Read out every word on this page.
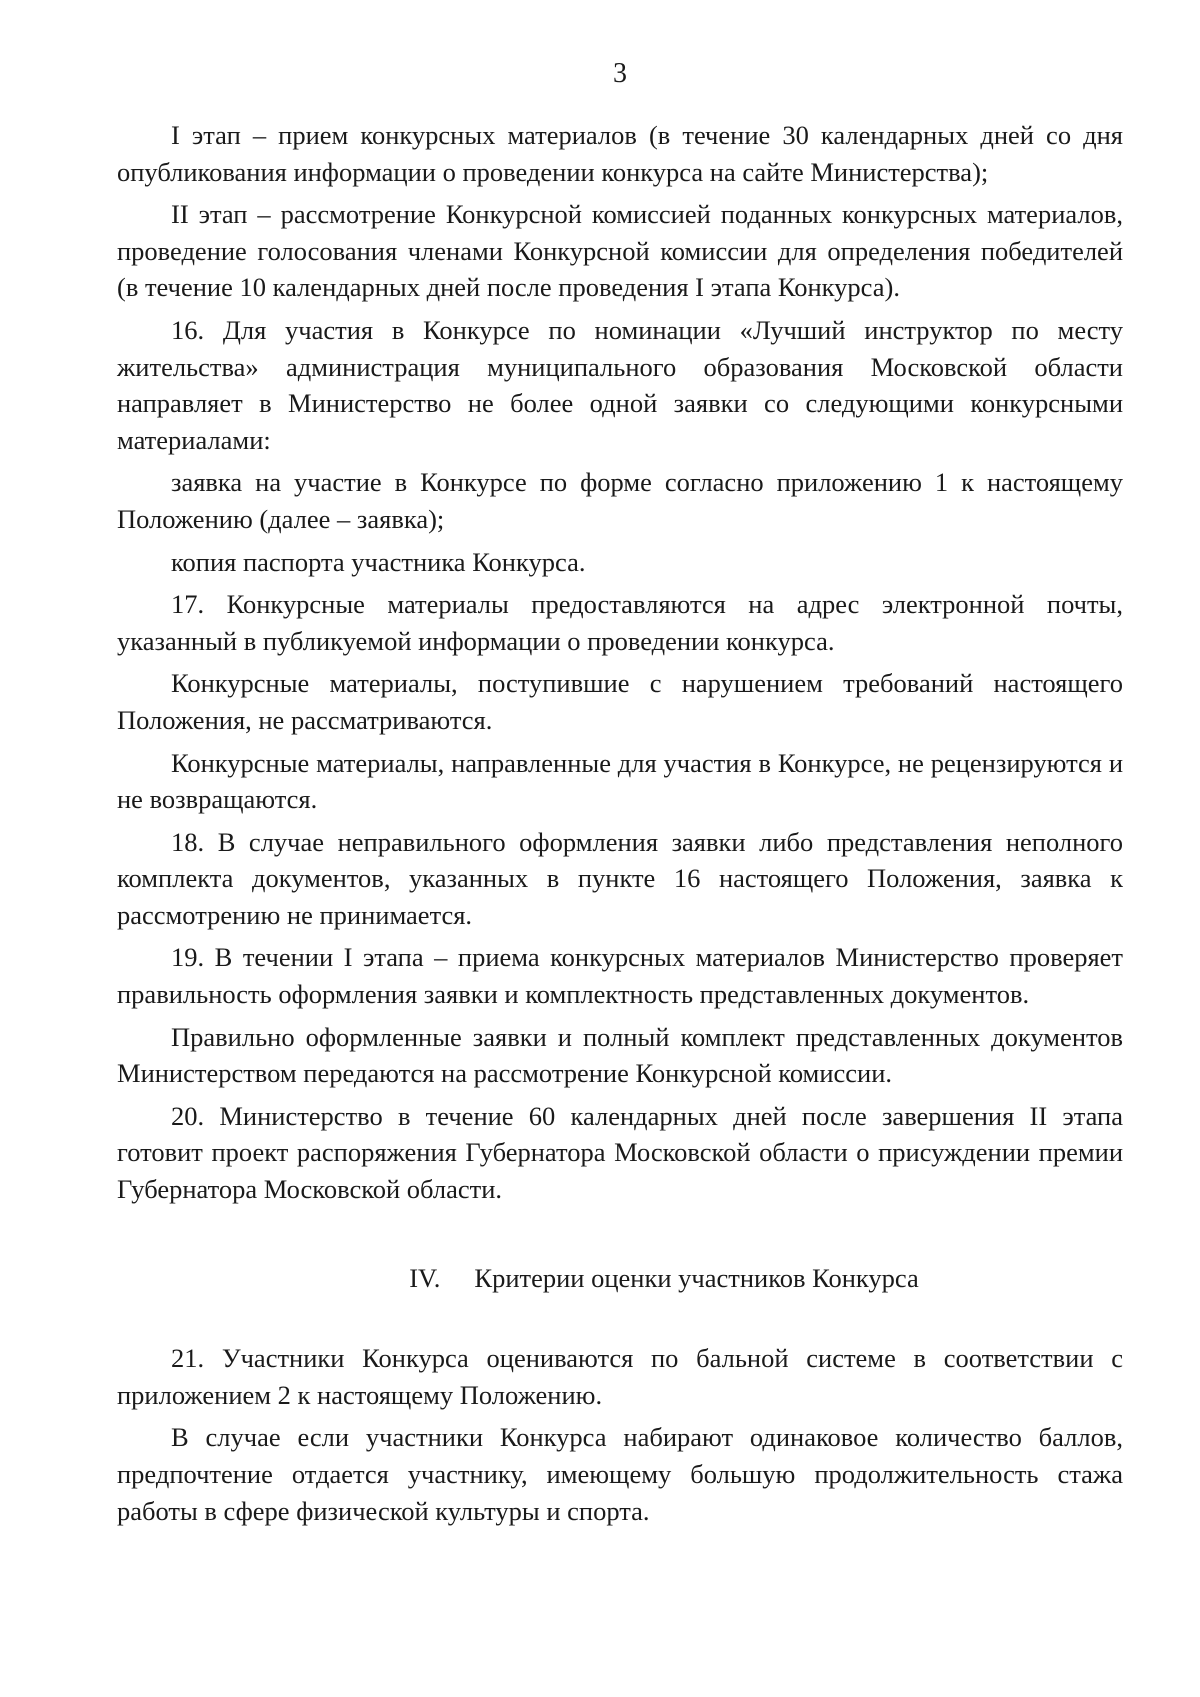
3

I этап – прием конкурсных материалов (в течение 30 календарных дней со дня опубликования информации о проведении конкурса на сайте Министерства);

II этап – рассмотрение Конкурсной комиссией поданных конкурсных материалов, проведение голосования членами Конкурсной комиссии для определения победителей (в течение 10 календарных дней после проведения I этапа Конкурса).

16. Для участия в Конкурсе по номинации «Лучший инструктор по месту жительства» администрация муниципального образования Московской области направляет в Министерство не более одной заявки со следующими конкурсными материалами:

заявка на участие в Конкурсе по форме согласно приложению 1 к настоящему Положению (далее – заявка);

копия паспорта участника Конкурса.

17. Конкурсные материалы предоставляются на адрес электронной почты, указанный в публикуемой информации о проведении конкурса.

Конкурсные материалы, поступившие с нарушением требований настоящего Положения, не рассматриваются.

Конкурсные материалы, направленные для участия в Конкурсе, не рецензируются и не возвращаются.

18. В случае неправильного оформления заявки либо представления неполного комплекта документов, указанных в пункте 16 настоящего Положения, заявка к рассмотрению не принимается.

19. В течении I этапа – приема конкурсных материалов Министерство проверяет правильность оформления заявки и комплектность представленных документов.

Правильно оформленные заявки и полный комплект представленных документов Министерством передаются на рассмотрение Конкурсной комиссии.

20. Министерство в течение 60 календарных дней после завершения II этапа готовит проект распоряжения Губернатора Московской области о присуждении премии Губернатора Московской области.

IV. Критерии оценки участников Конкурса

21. Участники Конкурса оцениваются по бальной системе в соответствии с приложением 2 к настоящему Положению.

В случае если участники Конкурса набирают одинаковое количество баллов, предпочтение отдается участнику, имеющему большую продолжительность стажа работы в сфере физической культуры и спорта.
